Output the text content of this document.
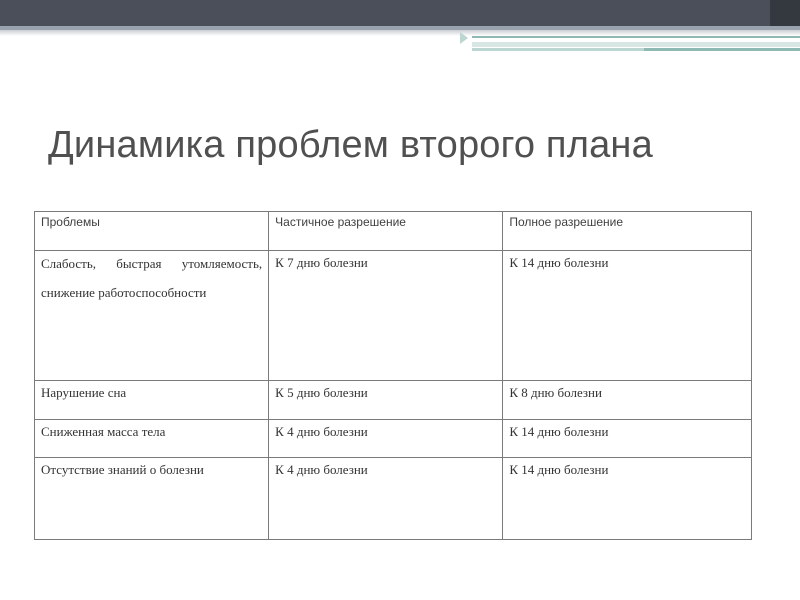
Динамика проблем второго плана
Проблемы	Частичное разрешение	Полное разрешение

Слабость, быстрая утомляемость, снижение работоспособности	К 7 дню болезни	К 14 дню болезни
Нарушение сна	К 5 дню болезни	К 8 дню болезни
Сниженная масса тела	К 4 дню болезни	К 14 дню болезни
Отсутствие знаний о болезни	К 4 дню болезни	К 14 дню болезни
